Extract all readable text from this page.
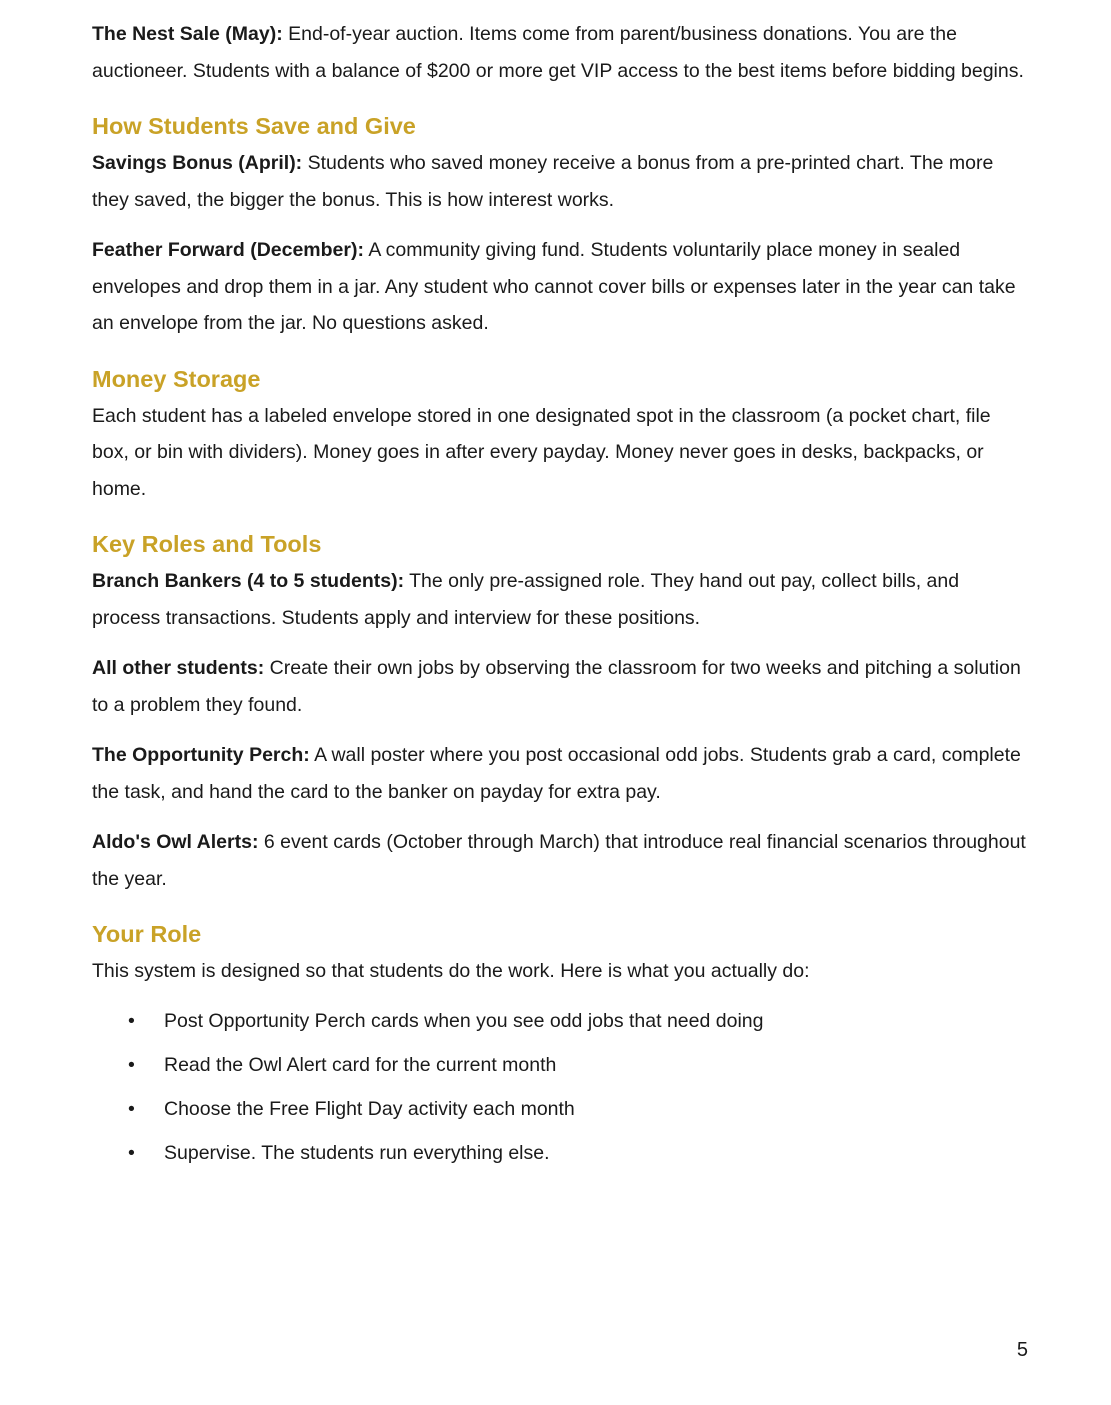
The Nest Sale (May): End-of-year auction. Items come from parent/business donations. You are the auctioneer. Students with a balance of $200 or more get VIP access to the best items before bidding begins.

How Students Save and Give

Savings Bonus (April): Students who saved money receive a bonus from a pre-printed chart. The more they saved, the bigger the bonus. This is how interest works.

Feather Forward (December): A community giving fund. Students voluntarily place money in sealed envelopes and drop them in a jar. Any student who cannot cover bills or expenses later in the year can take an envelope from the jar. No questions asked.

Money Storage

Each student has a labeled envelope stored in one designated spot in the classroom (a pocket chart, file box, or bin with dividers). Money goes in after every payday. Money never goes in desks, backpacks, or home.

Key Roles and Tools

Branch Bankers (4 to 5 students): The only pre-assigned role. They hand out pay, collect bills, and process transactions. Students apply and interview for these positions.

All other students: Create their own jobs by observing the classroom for two weeks and pitching a solution to a problem they found.

The Opportunity Perch: A wall poster where you post occasional odd jobs. Students grab a card, complete the task, and hand the card to the banker on payday for extra pay.

Aldo's Owl Alerts: 6 event cards (October through March) that introduce real financial scenarios throughout the year.

Your Role

This system is designed so that students do the work. Here is what you actually do:

• Post Opportunity Perch cards when you see odd jobs that need doing
• Read the Owl Alert card for the current month
• Choose the Free Flight Day activity each month
• Supervise. The students run everything else.
5
